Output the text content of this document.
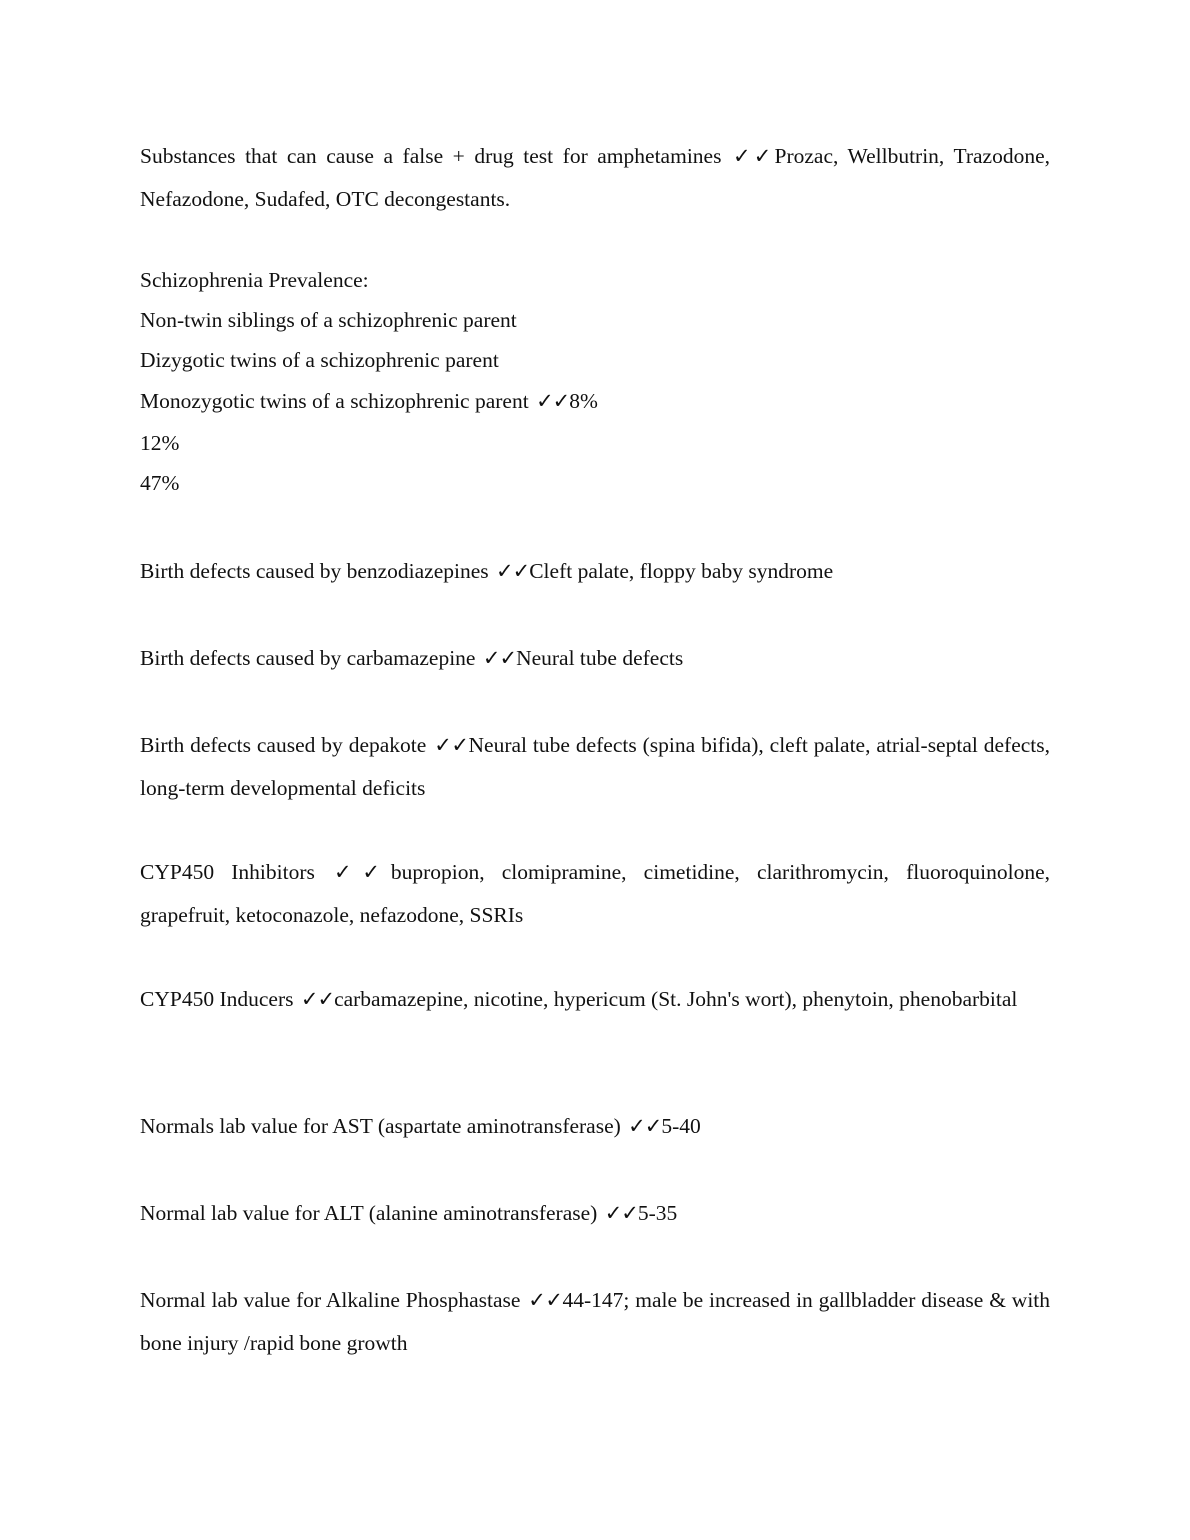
Substances that can cause a false + drug test for amphetamines ✓✓Prozac, Wellbutrin, Trazodone, Nefazodone, Sudafed, OTC decongestants.

Schizophrenia Prevalence:
Non-twin siblings of a schizophrenic parent
Dizygotic twins of a schizophrenic parent
Monozygotic twins of a schizophrenic parent ✓✓8%
12%
47%

Birth defects caused by benzodiazepines ✓✓Cleft palate, floppy baby syndrome

Birth defects caused by carbamazepine ✓✓Neural tube defects

Birth defects caused by depakote ✓✓Neural tube defects (spina bifida), cleft palate, atrial-septal defects, long-term developmental deficits

CYP450 Inhibitors ✓✓bupropion, clomipramine, cimetidine, clarithromycin, fluoroquinolone, grapefruit, ketoconazole, nefazodone, SSRIs

CYP450 Inducers ✓✓carbamazepine, nicotine, hypericum (St. John's wort), phenytoin, phenobarbital

Normals lab value for AST (aspartate aminotransferase) ✓✓5-40

Normal lab value for ALT (alanine aminotransferase) ✓✓5-35

Normal lab value for Alkaline Phosphastase ✓✓44-147; male be increased in gallbladder disease & with bone injury /rapid bone growth
